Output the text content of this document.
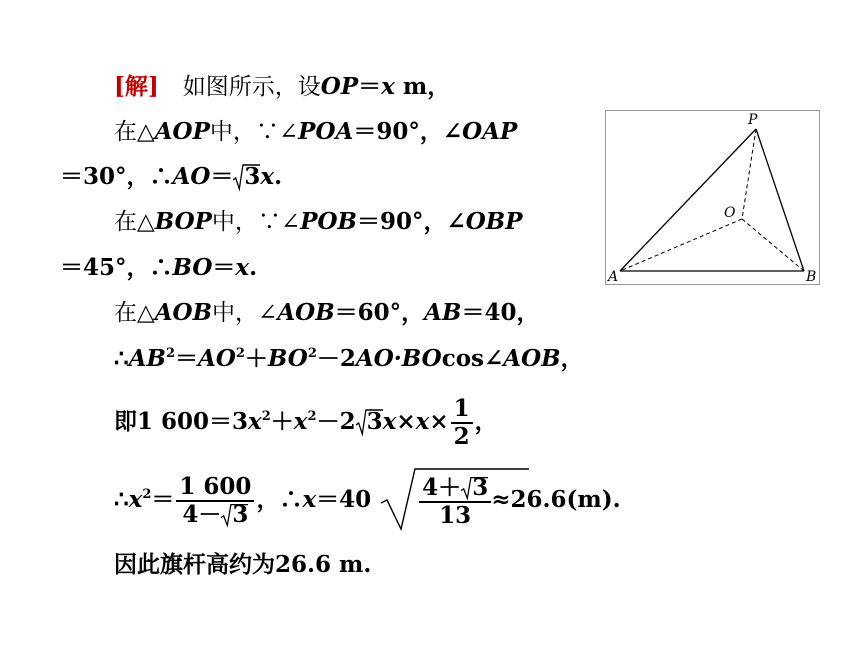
[解] 如图所示，设OP＝x m，
在△AOP中，∵∠POA＝90°，∠OAP
＝30°，∴AO＝ 3x.
在△BOP中，∵∠POB＝90°，∠OBP
＝45°，∴BO＝x.
在△AOB中，∠AOB＝60°，AB＝40，
$\therefore AB^2=AO^2+BO^2-2AO\cdot BOcos\angle AOB$，
即1 $600=3x^2+x^2-2$ $3x\times x\times \frac{1}{2}$ ，
$\therefore x^2= \frac{1 600}{4- 3}$ ，∴x＝40 $\frac{4+ 3}{13} \approx 26.6(m)$.
因此旗杆高约为26.6 m.
P
O
A	B
